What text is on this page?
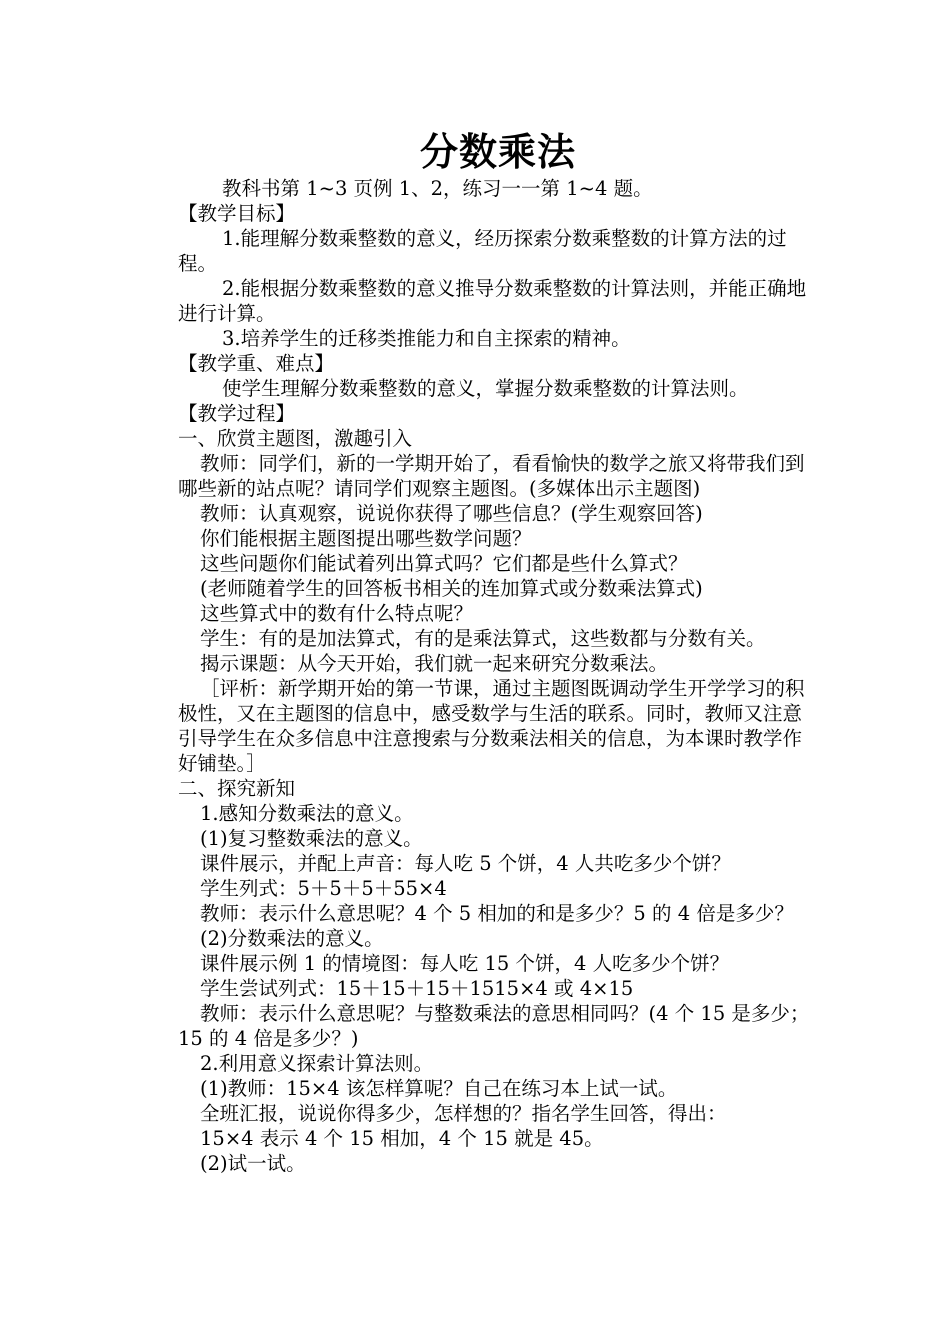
分数乘法

教科书第 1~3 页例 1、2，练习一一第 1~4 题。

【教学目标】

1.能理解分数乘整数的意义，经历探索分数乘整数的计算方法的过程。

2.能根据分数乘整数的意义推导分数乘整数的计算法则，并能正确地进行计算。

3.培养学生的迁移类推能力和自主探索的精神。

【教学重、难点】

使学生理解分数乘整数的意义，掌握分数乘整数的计算法则。

【教学过程】

一、欣赏主题图，激趣引入

教师：同学们，新的一学期开始了，看看愉快的数学之旅又将带我们到哪些新的站点呢？请同学们观察主题图。(多媒体出示主题图)

教师：认真观察，说说你获得了哪些信息？(学生观察回答)

你们能根据主题图提出哪些数学问题？

这些问题你们能试着列出算式吗？它们都是些什么算式？

(老师随着学生的回答板书相关的连加算式或分数乘法算式)

这些算式中的数有什么特点呢？

学生：有的是加法算式，有的是乘法算式，这些数都与分数有关。

揭示课题：从今天开始，我们就一起来研究分数乘法。

［评析：新学期开始的第一节课，通过主题图既调动学生开学学习的积极性，又在主题图的信息中，感受数学与生活的联系。同时，教师又注意引导学生在众多信息中注意搜索与分数乘法相关的信息，为本课时教学作好铺垫。］

二、探究新知

1.感知分数乘法的意义。

(1)复习整数乘法的意义。

课件展示，并配上声音：每人吃 5 个饼，4 人共吃多少个饼？

学生列式：5＋5＋5＋55×4

教师：表示什么意思呢？4 个 5 相加的和是多少？5 的 4 倍是多少？

(2)分数乘法的意义。

课件展示例 1 的情境图：每人吃 15 个饼，4 人吃多少个饼？

学生尝试列式：15＋15＋15＋1515×4 或 4×15

教师：表示什么意思呢？与整数乘法的意思相同吗？(4 个 15 是多少；15 的 4 倍是多少？)

2.利用意义探索计算法则。

(1)教师：15×4 该怎样算呢？自己在练习本上试一试。

全班汇报，说说你得多少，怎样想的？指名学生回答，得出：

15×4 表示 4 个 15 相加，4 个 15 就是 45。

(2)试一试。
